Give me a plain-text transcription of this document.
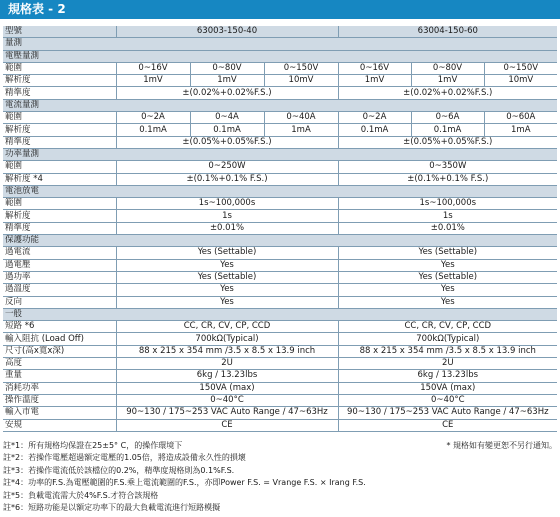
規格表 - 2
型號	63003-150-40			63004-150-60		
量測						
電壓量測						
範圍	0~16V	0~80V	0~150V	0~16V	0~80V	0~150V
解析度	1mV	1mV	10mV	1mV	1mV	10mV
精準度	±(0.02%+0.02%F.S.)			±(0.02%+0.02%F.S.)		
電流量測						
範圍	0~2A	0~4A	0~40A	0~2A	0~6A	0~60A
解析度	0.1mA	0.1mA	1mA	0.1mA	0.1mA	1mA
精準度	±(0.05%+0.05%F.S.)			±(0.05%+0.05%F.S.)		
功率量測						
範圍	0~250W			0~350W		
解析度 *4	±(0.1%+0.1% F.S.)			±(0.1%+0.1% F.S.)		
電池放電						
範圍	1s~100,000s			1s~100,000s		
解析度	1s			1s		
精準度	±0.01%			±0.01%		
保護功能						
過電流	Yes (Settable)			Yes (Settable)		
過電壓	Yes			Yes		
過功率	Yes (Settable)			Yes (Settable)		
過溫度	Yes			Yes		
反向	Yes			Yes		
一般						
短路 *6	CC, CR, CV, CP, CCD			CC, CR, CV, CP, CCD		
輸入阻抗 (Load Off)	700kΩ(Typical)			700kΩ(Typical)		
尺寸(高x寬x深)	88 x 215 x 354 mm /3.5 x 8.5 x 13.9 inch			88 x 215 x 354 mm /3.5 x 8.5 x 13.9 inch		
高度	2U			2U		
重量	6kg / 13.23lbs			6kg / 13.23lbs		
消耗功率	150VA (max)			150VA (max)		
操作溫度	0~40°C			0~40°C		
輸入市電	90~130 / 175~253 VAC Auto Range / 47~63Hz			90~130 / 175~253 VAC Auto Range / 47~63Hz		
安規	CE			CE		
* 規格如有變更恕不另行通知。
註*1：所有規格均保證在25±5° C，的操作環境下
註*2：若操作電壓超過額定電壓的1.05倍，將造成設備永久性的損壞
註*3：若操作電流低於該檔位的0.2%，精準度規格則為0.1%F.S.
註*4：功率的F.S.為電壓範圍的F.S.乘上電流範圍的F.S.，亦即Power F.S. = Vrange F.S. × Irang F.S.
註*5：負載電流需大於4%F.S.才符合該規格
註*6：短路功能是以額定功率下的最大負載電流進行短路模擬
